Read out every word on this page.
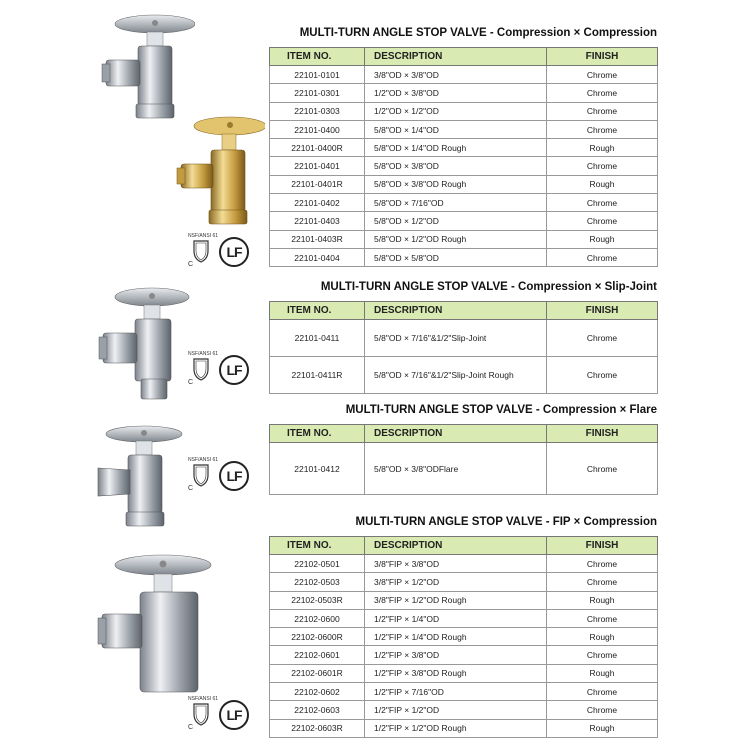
MULTI-TURN ANGLE STOP VALVE - Compression × Compression
NSF/ANSI 61
C
LF
ITEM NO.	DESCRIPTION	FINISH
22101-0101	3/8"OD × 3/8"OD	Chrome
22101-0301	1/2"OD × 3/8"OD	Chrome
22101-0303	1/2"OD × 1/2"OD	Chrome
22101-0400	5/8"OD × 1/4"OD	Chrome
22101-0400R	5/8"OD × 1/4"OD Rough	Rough
22101-0401	5/8"OD × 3/8"OD	Chrome
22101-0401R	5/8"OD × 3/8"OD Rough	Rough
22101-0402	5/8"OD × 7/16"OD	Chrome
22101-0403	5/8"OD × 1/2"OD	Chrome
22101-0403R	5/8"OD × 1/2"OD Rough	Rough
22101-0404	5/8"OD × 5/8"OD	Chrome
MULTI-TURN ANGLE STOP VALVE - Compression × Slip-Joint
NSF/ANSI 61
C
LF
ITEM NO.	DESCRIPTION	FINISH
22101-0411	5/8"OD × 7/16"&1/2"Slip-Joint	Chrome
22101-0411R	5/8"OD × 7/16"&1/2"Slip-Joint Rough	Chrome
MULTI-TURN ANGLE STOP VALVE - Compression × Flare
NSF/ANSI 61
C
LF
ITEM NO.	DESCRIPTION	FINISH
22101-0412	5/8"OD × 3/8"ODFlare	Chrome
MULTI-TURN ANGLE STOP VALVE - FIP × Compression
NSF/ANSI 61
C
LF
ITEM NO.	DESCRIPTION	FINISH
22102-0501	3/8"FIP × 3/8"OD	Chrome
22102-0503	3/8"FIP × 1/2"OD	Chrome
22102-0503R	3/8"FIP × 1/2"OD Rough	Rough
22102-0600	1/2"FIP × 1/4"OD	Chrome
22102-0600R	1/2"FIP × 1/4"OD Rough	Rough
22102-0601	1/2"FIP × 3/8"OD	Chrome
22102-0601R	1/2"FIP × 3/8"OD Rough	Rough
22102-0602	1/2"FIP × 7/16"OD	Chrome
22102-0603	1/2"FIP × 1/2"OD	Chrome
22102-0603R	1/2"FIP × 1/2"OD Rough	Rough
